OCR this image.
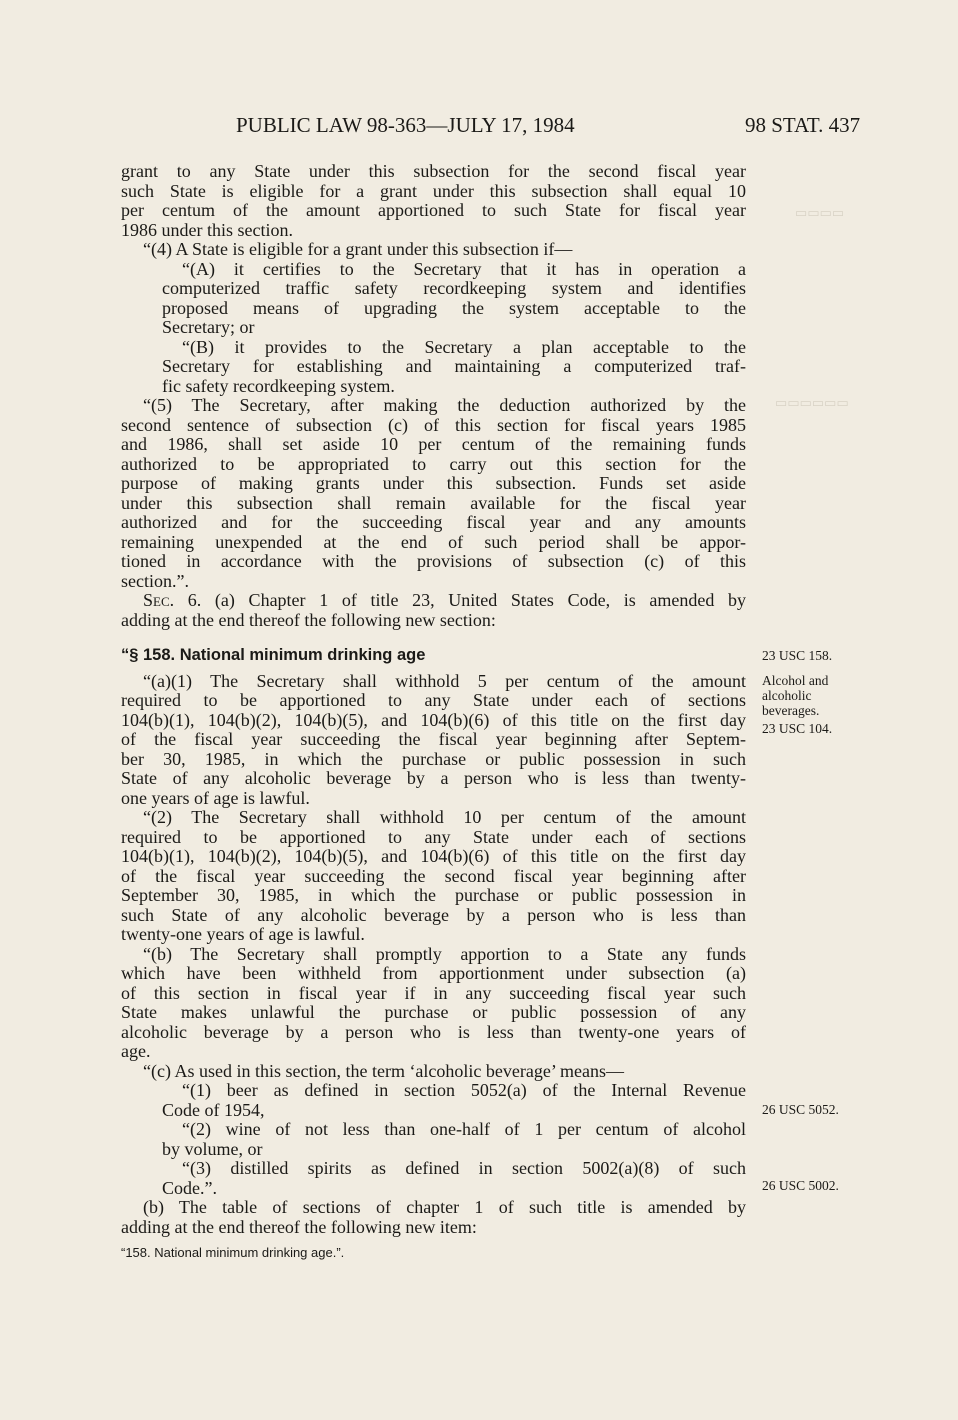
▭▭▭▭
▭▭▭▭▭▭
PUBLIC LAW 98-363—JULY 17, 1984	98 STAT. 437
grant to any State under this subsection for the second fiscal year
such State is eligible for a grant under this subsection shall equal 10
per centum of the amount apportioned to such State for fiscal year
1986 under this section.
“(4) A State is eligible for a grant under this subsection if—
“(A) it certifies to the Secretary that it has in operation a
computerized traffic safety recordkeeping system and identifies
proposed means of upgrading the system acceptable to the
Secretary; or
“(B) it provides to the Secretary a plan acceptable to the
Secretary for establishing and maintaining a computerized traf-
fic safety recordkeeping system.
“(5) The Secretary, after making the deduction authorized by the
second sentence of subsection (c) of this section for fiscal years 1985
and 1986, shall set aside 10 per centum of the remaining funds
authorized to be appropriated to carry out this section for the
purpose of making grants under this subsection. Funds set aside
under this subsection shall remain available for the fiscal year
authorized and for the succeeding fiscal year and any amounts
remaining unexpended at the end of such period shall be appor-
tioned in accordance with the provisions of subsection (c) of this
section.”.
Sec. 6. (a) Chapter 1 of title 23, United States Code, is amended by
adding at the end thereof the following new section:
“§ 158. National minimum drinking age
“(a)(1) The Secretary shall withhold 5 per centum of the amount
required to be apportioned to any State under each of sections
104(b)(1), 104(b)(2), 104(b)(5), and 104(b)(6) of this title on the first day
of the fiscal year succeeding the fiscal year beginning after Septem-
ber 30, 1985, in which the purchase or public possession in such
State of any alcoholic beverage by a person who is less than twenty-
one years of age is lawful.
“(2) The Secretary shall withhold 10 per centum of the amount
required to be apportioned to any State under each of sections
104(b)(1), 104(b)(2), 104(b)(5), and 104(b)(6) of this title on the first day
of the fiscal year succeeding the second fiscal year beginning after
September 30, 1985, in which the purchase or public possession in
such State of any alcoholic beverage by a person who is less than
twenty-one years of age is lawful.
“(b) The Secretary shall promptly apportion to a State any funds
which have been withheld from apportionment under subsection (a)
of this section in fiscal year if in any succeeding fiscal year such
State makes unlawful the purchase or public possession of any
alcoholic beverage by a person who is less than twenty-one years of
age.
“(c) As used in this section, the term ‘alcoholic beverage’ means—
“(1) beer as defined in section 5052(a) of the Internal Revenue
Code of 1954,
“(2) wine of not less than one-half of 1 per centum of alcohol
by volume, or
“(3) distilled spirits as defined in section 5002(a)(8) of such
Code.”.
(b) The table of sections of chapter 1 of such title is amended by
adding at the end thereof the following new item:
“158. National minimum drinking age.”.
23 USC 158.
Alcohol and
alcoholic
beverages.
23 USC 104.
26 USC 5052.
26 USC 5002.
